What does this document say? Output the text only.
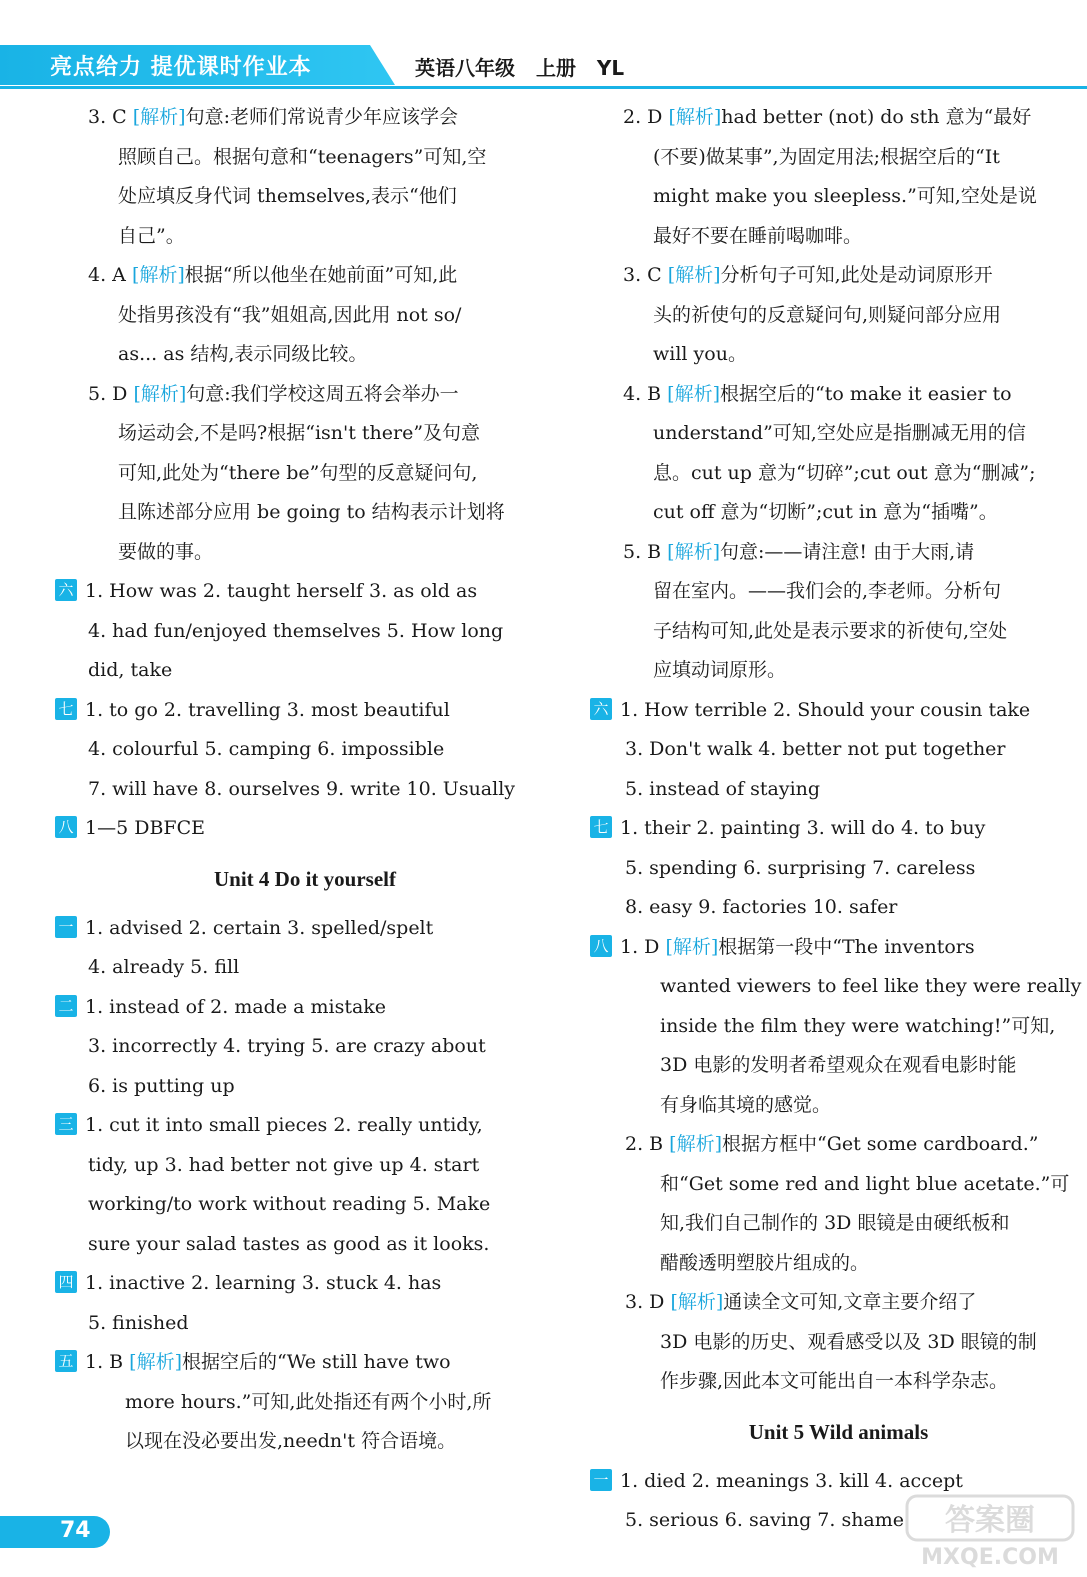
亮点给力 提优课时作业本	英语八年级 上册 YL
3. C [解析]句意:老师们常说青少年应该学会
照顾自己。根据句意和“teenagers”可知,空
处应填反身代词 themselves,表示“他们
自己”。
4. A [解析]根据“所以他坐在她前面”可知,此
处指男孩没有“我”姐姐高,因此用 not so/
as... as 结构,表示同级比较。
5. D [解析]句意:我们学校这周五将会举办一
场运动会,不是吗?根据“isn't there”及句意
可知,此处为“there be”句型的反意疑问句,
且陈述部分应用 be going to 结构表示计划将
要做的事。
六 1. How was 2. taught herself 3. as old as
4. had fun/enjoyed themselves 5. How long
did, take
七 1. to go 2. travelling 3. most beautiful
4. colourful 5. camping 6. impossible
7. will have 8. ourselves 9. write 10. Usually
八 1—5 DBFCE
Unit 4 Do it yourself
一 1. advised 2. certain 3. spelled/spelt
4. already 5. fill
二 1. instead of 2. made a mistake
3. incorrectly 4. trying 5. are crazy about
6. is putting up
三 1. cut it into small pieces 2. really untidy,
tidy, up 3. had better not give up 4. start
working/to work without reading 5. Make
sure your salad tastes as good as it looks.
四 1. inactive 2. learning 3. stuck 4. has
5. finished
五 1. B [解析]根据空后的“We still have two
more hours.”可知,此处指还有两个小时,所
以现在没必要出发,needn't 符合语境。
2. D [解析]had better (not) do sth 意为“最好
(不要)做某事”,为固定用法;根据空后的“It
might make you sleepless.”可知,空处是说
最好不要在睡前喝咖啡。
3. C [解析]分析句子可知,此处是动词原形开
头的祈使句的反意疑问句,则疑问部分应用
will you。
4. B [解析]根据空后的“to make it easier to
understand”可知,空处应是指删减无用的信
息。cut up 意为“切碎”;cut out 意为“删减”;
cut off 意为“切断”;cut in 意为“插嘴”。
5. B [解析]句意:——请注意! 由于大雨,请
留在室内。——我们会的,李老师。分析句
子结构可知,此处是表示要求的祈使句,空处
应填动词原形。
六 1. How terrible 2. Should your cousin take
3. Don't walk 4. better not put together
5. instead of staying
七 1. their 2. painting 3. will do 4. to buy
5. spending 6. surprising 7. careless
8. easy 9. factories 10. safer
八 1. D [解析]根据第一段中“The inventors
wanted viewers to feel like they were really
inside the film they were watching!”可知,
3D 电影的发明者希望观众在观看电影时能
有身临其境的感觉。
2. B [解析]根据方框中“Get some cardboard.”
和“Get some red and light blue acetate.”可
知,我们自己制作的 3D 眼镜是由硬纸板和
醋酸透明塑胶片组成的。
3. D [解析]通读全文可知,文章主要介绍了
3D 电影的历史、观看感受以及 3D 眼镜的制
作步骤,因此本文可能出自一本科学杂志。
Unit 5 Wild animals
一 1. died 2. meanings 3. kill 4. accept
5. serious 6. saving 7. shame
74	答案圈
MXQE.COM
